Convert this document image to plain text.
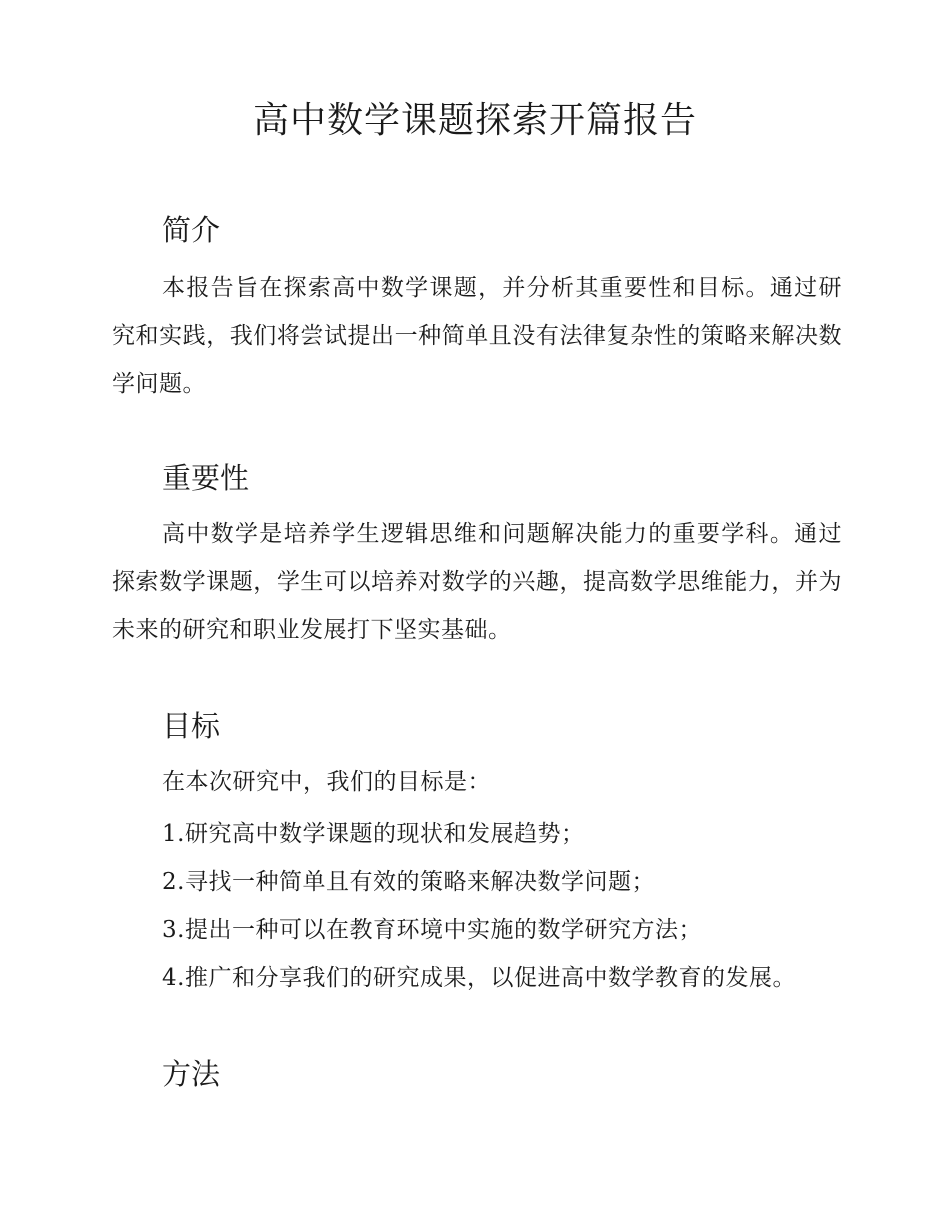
高中数学课题探索开篇报告
简介

本报告旨在探索高中数学课题，并分析其重要性和目标。通过研究和实践，我们将尝试提出一种简单且没有法律复杂性的策略来解决数学问题。

重要性

高中数学是培养学生逻辑思维和问题解决能力的重要学科。通过探索数学课题，学生可以培养对数学的兴趣，提高数学思维能力，并为未来的研究和职业发展打下坚实基础。

目标

在本次研究中，我们的目标是：

1.研究高中数学课题的现状和发展趋势；
2.寻找一种简单且有效的策略来解决数学问题；
3.提出一种可以在教育环境中实施的数学研究方法；
4.推广和分享我们的研究成果，以促进高中数学教育的发展。
方法
